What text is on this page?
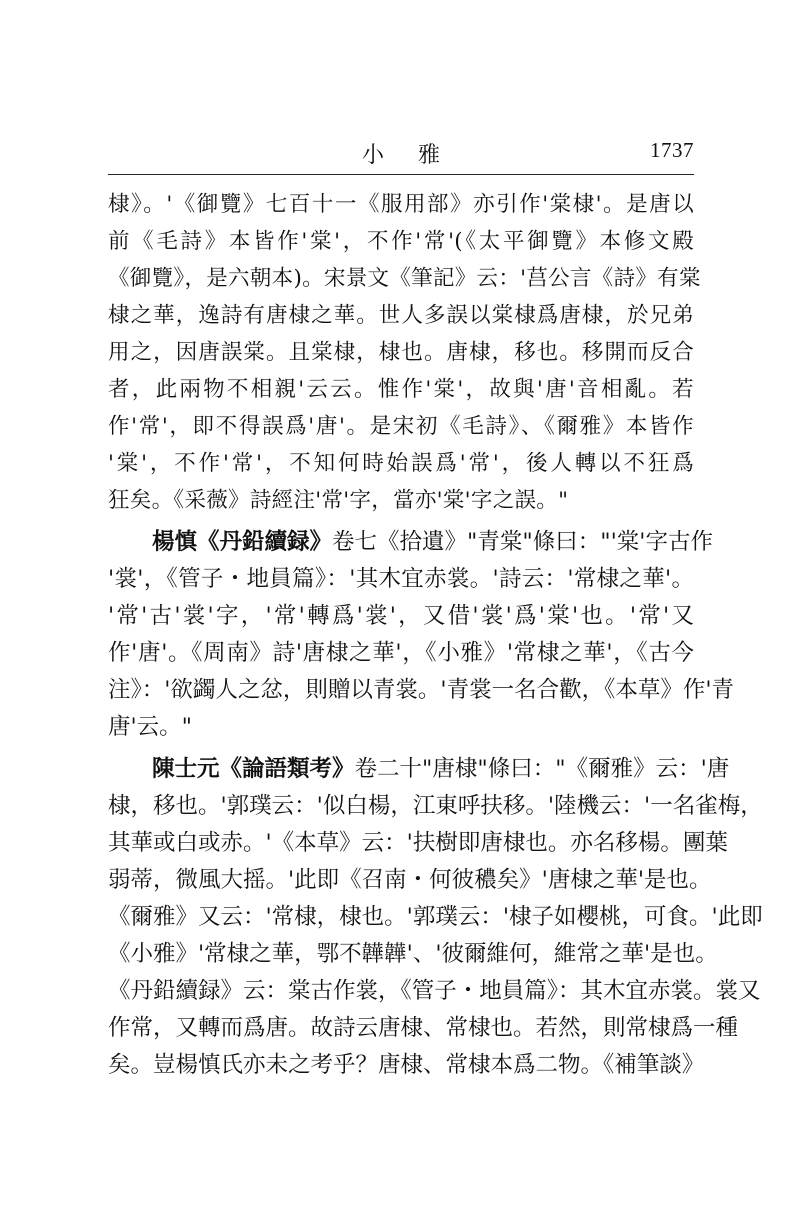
小雅	1737
棣》。'《御覽》七百十一《服用部》亦引作'棠棣'。是唐以
前《毛詩》本皆作'棠'，不作'常'(《太平御覽》本修文殿
《御覽》，是六朝本)。宋景文《筆記》云：'莒公言《詩》有棠
棣之華，逸詩有唐棣之華。世人多誤以棠棣爲唐棣，於兄弟
用之，因唐誤棠。且棠棣，棣也。唐棣，移也。移開而反合
者，此兩物不相親'云云。惟作'棠'，故與'唐'音相亂。若
作'常'，即不得誤爲'唐'。是宋初《毛詩》、《爾雅》本皆作
'棠'，不作'常'，不知何時始誤爲'常'，後人轉以不狂爲
狂矣。《采薇》詩經注'常'字，當亦'棠'字之誤。"
楊慎《丹鉛續録》卷七《拾遺》"青棠"條曰："'棠'字古作
'裳'，《管子・地員篇》：'其木宜赤裳。'詩云：'常棣之華'。
'常'古'裳'字，'常'轉爲'裳'，又借'裳'爲'棠'也。'常'又
作'唐'。《周南》詩'唐棣之華'，《小雅》'常棣之華'，《古今
注》：'欲蠲人之忿，則贈以青裳。'青裳一名合歡，《本草》作'青
唐'云。"
陳士元《論語類考》卷二十"唐棣"條曰："《爾雅》云：'唐
棣，移也。'郭璞云：'似白楊，江東呼扶移。'陸機云：'一名雀梅，
其華或白或赤。'《本草》云：'扶樹即唐棣也。亦名移楊。團葉
弱蒂，微風大摇。'此即《召南・何彼穠矣》'唐棣之華'是也。
《爾雅》又云：'常棣，棣也。'郭璞云：'棣子如櫻桃，可食。'此即
《小雅》'常棣之華，鄂不韡韡'、'彼爾維何，維常之華'是也。
《丹鉛續録》云：棠古作裳，《管子・地員篇》：其木宜赤裳。裳又
作常，又轉而爲唐。故詩云唐棣、常棣也。若然，則常棣爲一種
矣。豈楊慎氏亦未之考乎？唐棣、常棣本爲二物。《補筆談》
